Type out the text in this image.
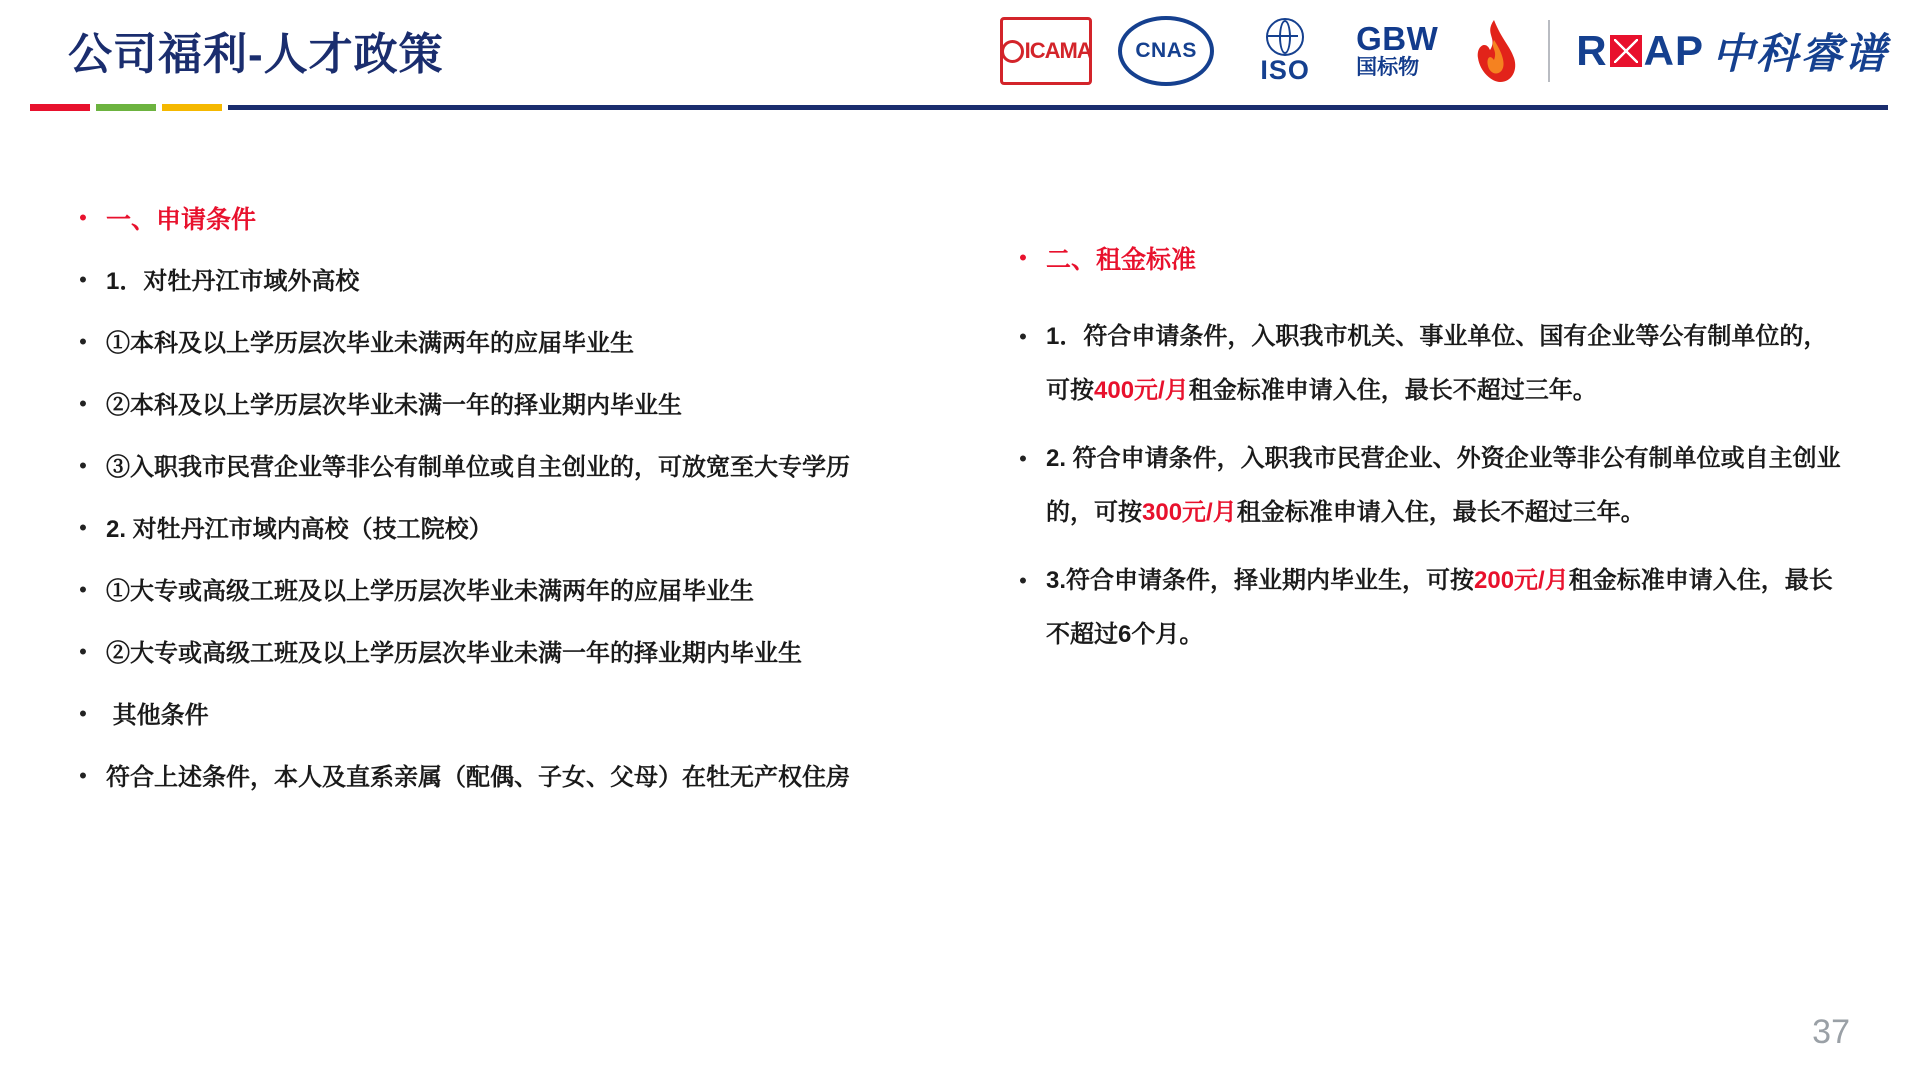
公司福利-人才政策	ICAMA CNAS
ISO
GBW
国标物	R AP 中科睿谱
• 一、申请条件
• 1．对牡丹江市域外高校
• ①本科及以上学历层次毕业未满两年的应届毕业生
• ②本科及以上学历层次毕业未满一年的择业期内毕业生
• ③入职我市民营企业等非公有制单位或自主创业的，可放宽至大专学历
• 2. 对牡丹江市域内高校（技工院校）
• ①大专或高级工班及以上学历层次毕业未满两年的应届毕业生
• ②大专或高级工班及以上学历层次毕业未满一年的择业期内毕业生
• 其他条件
• 符合上述条件，本人及直系亲属（配偶、子女、父母）在牡无产权住房
• 二、租金标准
• 1．符合申请条件，入职我市机关、事业单位、国有企业等公有制单位的，可按400元/月租金标准申请入住，最长不超过三年。
• 2. 符合申请条件，入职我市民营企业、外资企业等非公有制单位或自主创业的，可按300元/月租金标准申请入住，最长不超过三年。
• 3.符合申请条件，择业期内毕业生，可按200元/月租金标准申请入住，最长不超过6个月。
37
